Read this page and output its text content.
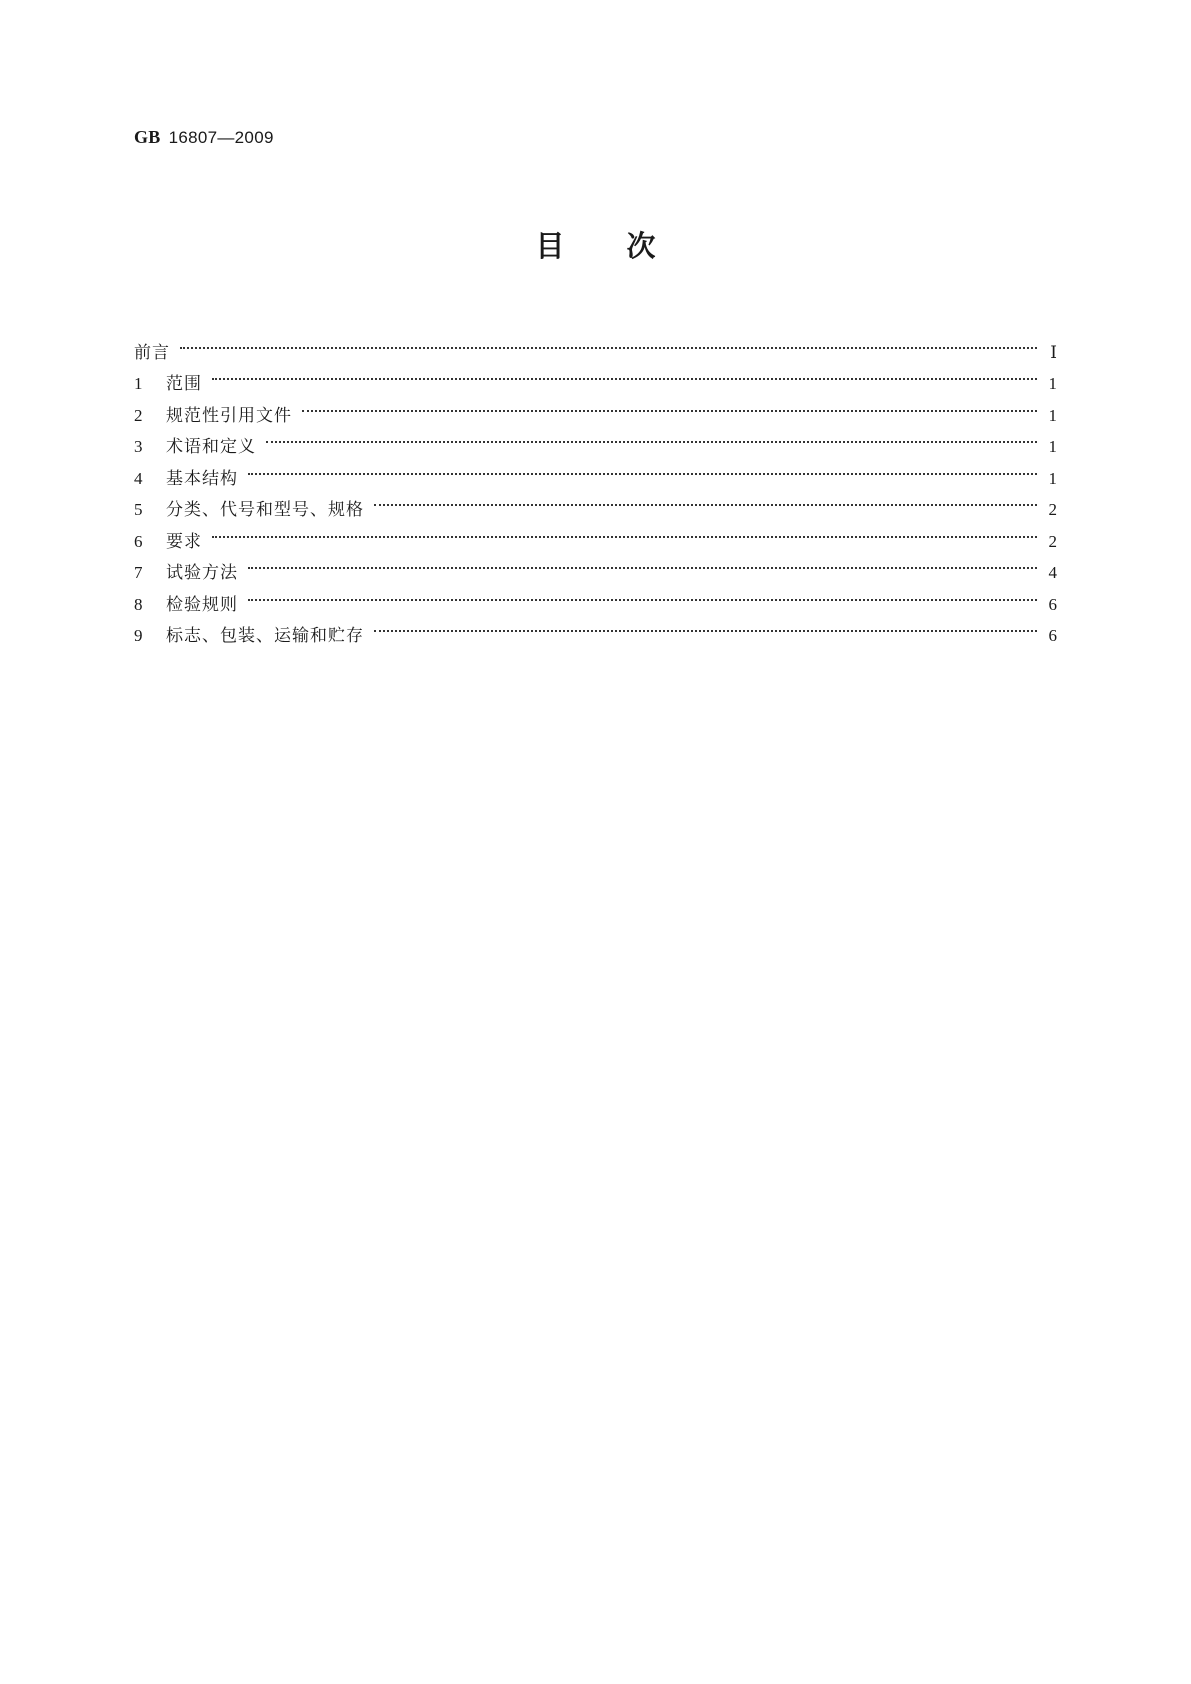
GB 16807—2009
目 次
前言	Ⅰ
1	范围	1
2	规范性引用文件	1
3	术语和定义	1
4	基本结构	1
5	分类、代号和型号、规格	2
6	要求	2
7	试验方法	4
8	检验规则	6
9	标志、包装、运输和贮存	6
